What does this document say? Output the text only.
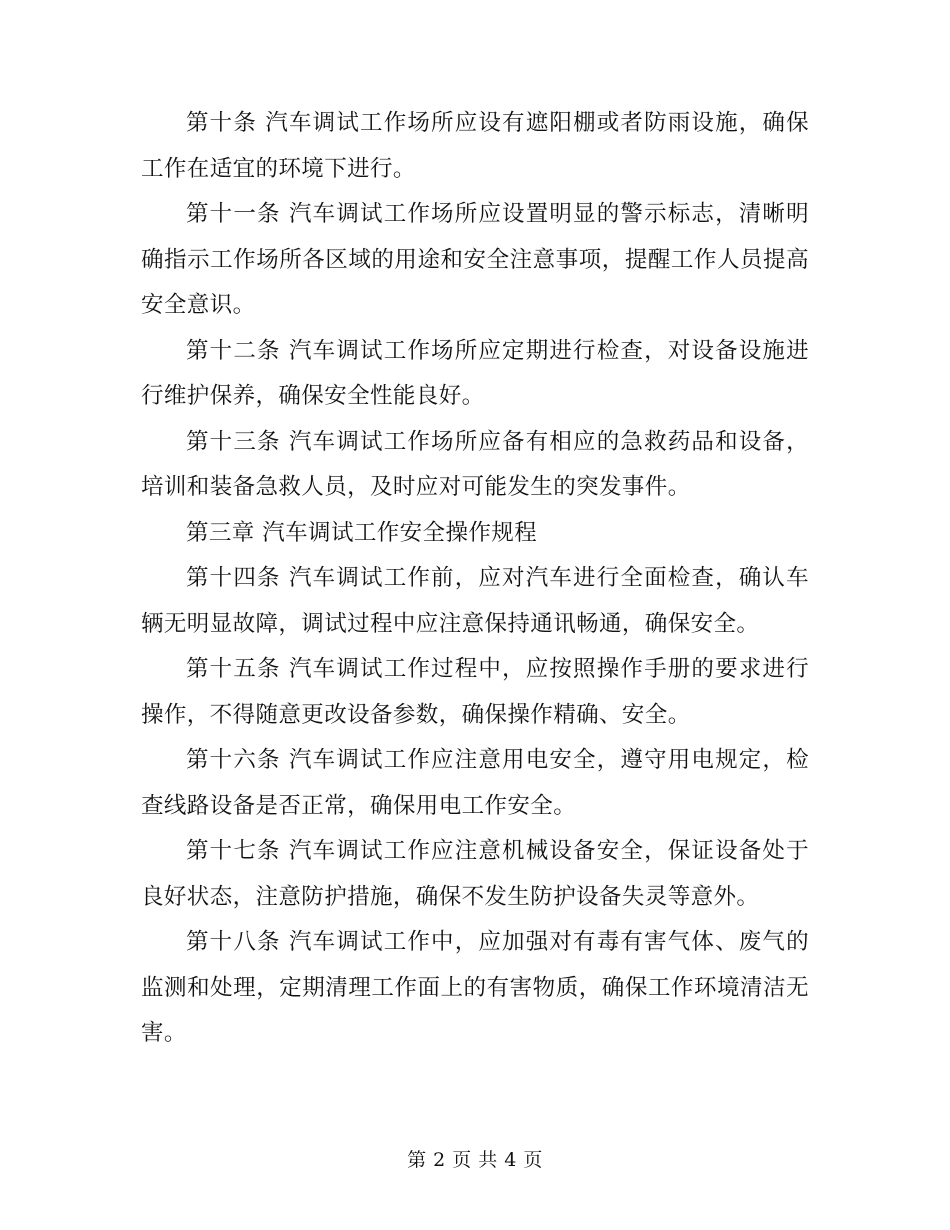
第十条 汽车调试工作场所应设有遮阳棚或者防雨设施，确保工作在适宜的环境下进行。

第十一条 汽车调试工作场所应设置明显的警示标志，清晰明确指示工作场所各区域的用途和安全注意事项，提醒工作人员提高安全意识。

第十二条 汽车调试工作场所应定期进行检查，对设备设施进行维护保养，确保安全性能良好。

第十三条 汽车调试工作场所应备有相应的急救药品和设备，培训和装备急救人员，及时应对可能发生的突发事件。

第三章 汽车调试工作安全操作规程

第十四条 汽车调试工作前，应对汽车进行全面检查，确认车辆无明显故障，调试过程中应注意保持通讯畅通，确保安全。

第十五条 汽车调试工作过程中，应按照操作手册的要求进行操作，不得随意更改设备参数，确保操作精确、安全。

第十六条 汽车调试工作应注意用电安全，遵守用电规定，检查线路设备是否正常，确保用电工作安全。

第十七条 汽车调试工作应注意机械设备安全，保证设备处于良好状态，注意防护措施，确保不发生防护设备失灵等意外。

第十八条 汽车调试工作中，应加强对有毒有害气体、废气的监测和处理，定期清理工作面上的有害物质，确保工作环境清洁无害。

第 2 页 共 4 页
